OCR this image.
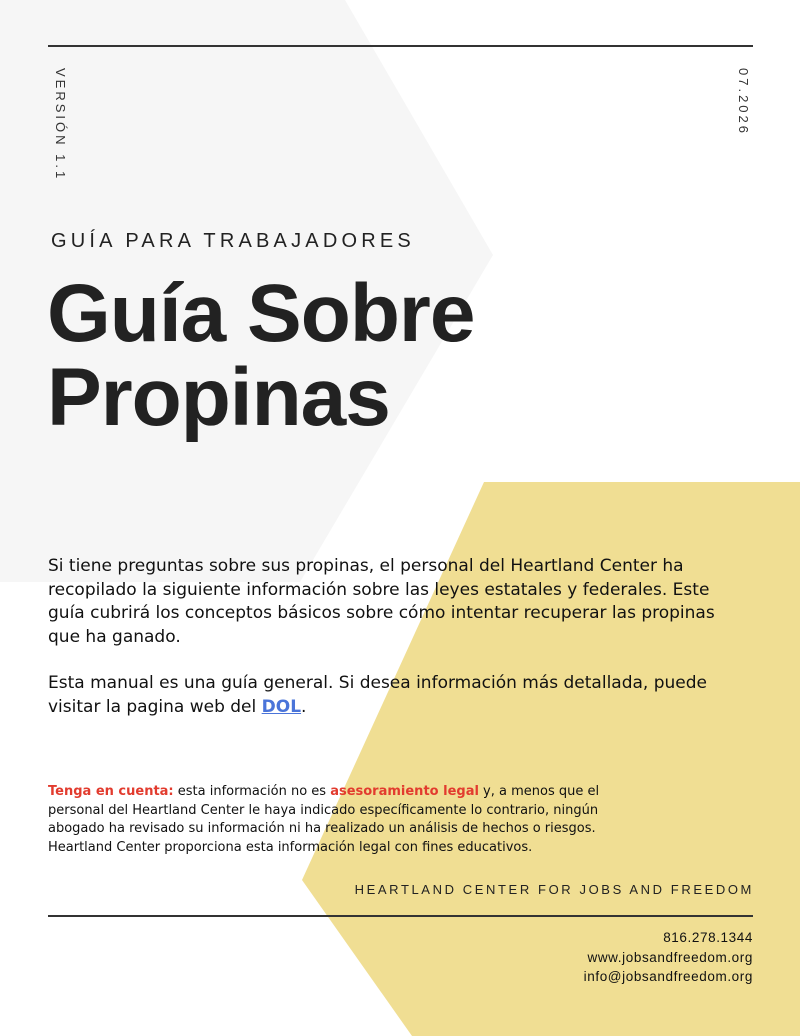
VERSIÓN 1.1	07.2026
GUÍA PARA TRABAJADORES
Guía Sobre
Propinas

Si tiene preguntas sobre sus propinas, el personal del Heartland Center ha recopilado la siguiente información sobre las leyes estatales y federales. Este guía cubrirá los conceptos básicos sobre cómo intentar recuperar las propinas que ha ganado.

Esta manual es una guía general. Si desea información más detallada, puede visitar la pagina web del DOL.

Tenga en cuenta: esta información no es asesoramiento legal y, a menos que el personal del Heartland Center le haya indicado específicamente lo contrario, ningún abogado ha revisado su información ni ha realizado un análisis de hechos o riesgos. Heartland Center proporciona esta información legal con fines educativos.

HEARTLAND CENTER FOR JOBS AND FREEDOM
816.278.1344
www.jobsandfreedom.org
info@jobsandfreedom.org
